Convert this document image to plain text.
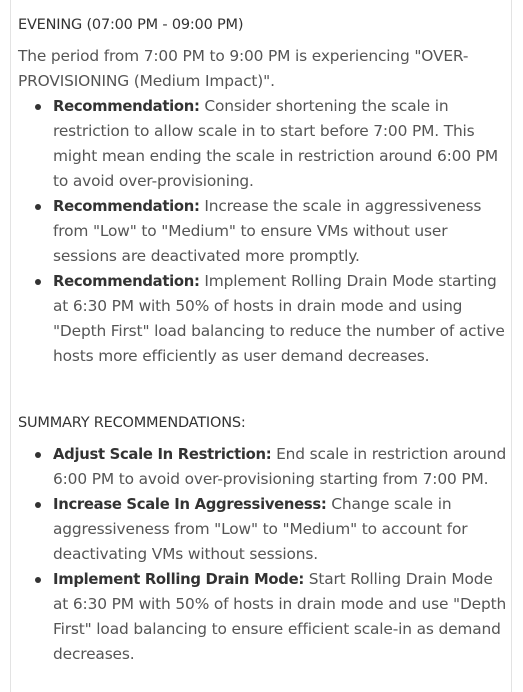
EVENING (07:00 PM - 09:00 PM)
The period from 7:00 PM to 9:00 PM is experiencing "OVER-PROVISIONING (Medium Impact)".
Recommendation: Consider shortening the scale in restriction to allow scale in to start before 7:00 PM. This might mean ending the scale in restriction around 6:00 PM to avoid over-provisioning.
Recommendation: Increase the scale in aggressiveness from "Low" to "Medium" to ensure VMs without user sessions are deactivated more promptly.
Recommendation: Implement Rolling Drain Mode starting at 6:30 PM with 50% of hosts in drain mode and using "Depth First" load balancing to reduce the number of active hosts more efficiently as user demand decreases.
SUMMARY RECOMMENDATIONS:
Adjust Scale In Restriction: End scale in restriction around 6:00 PM to avoid over-provisioning starting from 7:00 PM.
Increase Scale In Aggressiveness: Change scale in aggressiveness from "Low" to "Medium" to account for deactivating VMs without sessions.
Implement Rolling Drain Mode: Start Rolling Drain Mode at 6:30 PM with 50% of hosts in drain mode and use "Depth First" load balancing to ensure efficient scale-in as demand decreases.
